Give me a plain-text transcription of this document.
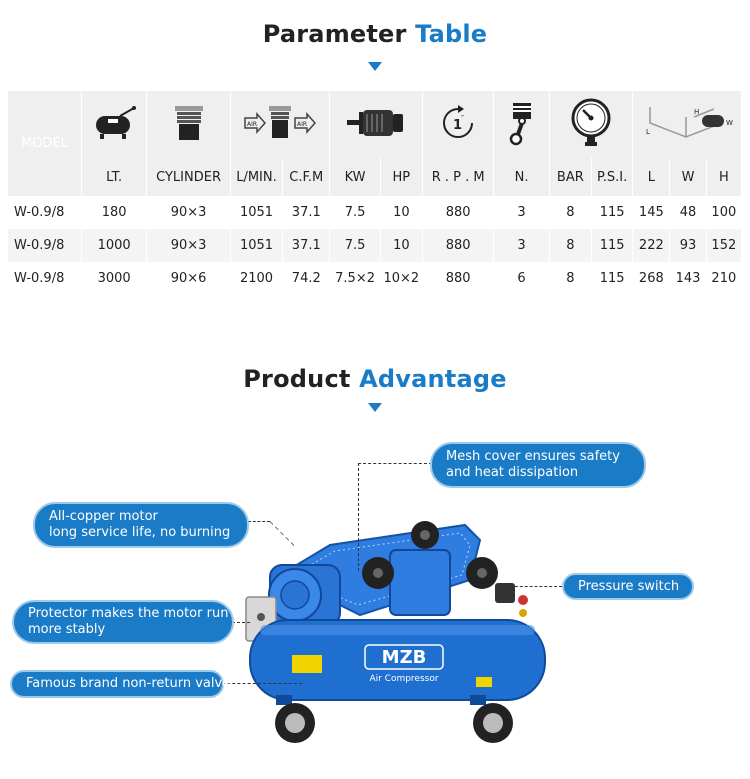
Parameter Table
MODEL			AIR AIR				1
″				L
H
W		

	LT.	CYLINDER	L/MIN.	C.F.M	KW	HP	R . P . M	N.	BAR	P.S.I.	L	W	H
W-0.9/8	180	90×3	1051	37.1	7.5	10	880	3	8	115	145	48	100
W-0.9/8	1000	90×3	1051	37.1	7.5	10	880	3	8	115	222	93	152
W-0.9/8	3000	90×6	2100	74.2	7.5×2	10×2	880	6	8	115	268	143	210
Product Advantage
MZB
Air Compressor
Mesh cover ensures safety
and heat dissipation
All-copper motor
long service life, no burning
Pressure switch
Protector makes the motor run
more stably
Famous brand non-return valve
